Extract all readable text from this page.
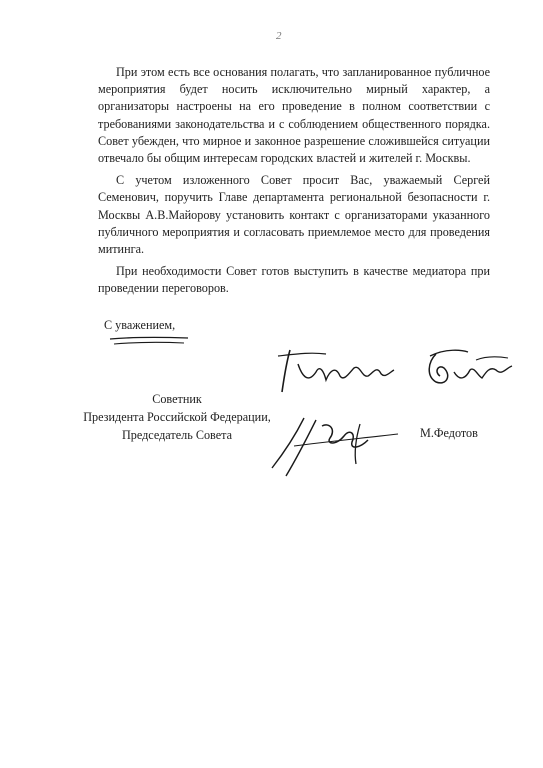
2

При этом есть все основания полагать, что запланированное публичное мероприятия будет носить исключительно мирный характер, а организаторы настроены на его проведение в полном соответствии с требованиями законодательства и с соблюдением общественного порядка. Совет убежден, что мирное и законное разрешение сложившейся ситуации отвечало бы общим интересам городских властей и жителей г. Москвы.

С учетом изложенного Совет просит Вас, уважаемый Сергей Семенович, поручить Главе департамента региональной безопасности г. Москвы А.В.Майорову установить контакт с организаторами указанного публичного мероприятия и согласовать приемлемое место для проведения митинга.

При необходимости Совет готов выступить в качестве медиатора при проведении переговоров.

С уважением,
Советник
Президента Российской Федерации,
Председатель Совета	М.Федотов
